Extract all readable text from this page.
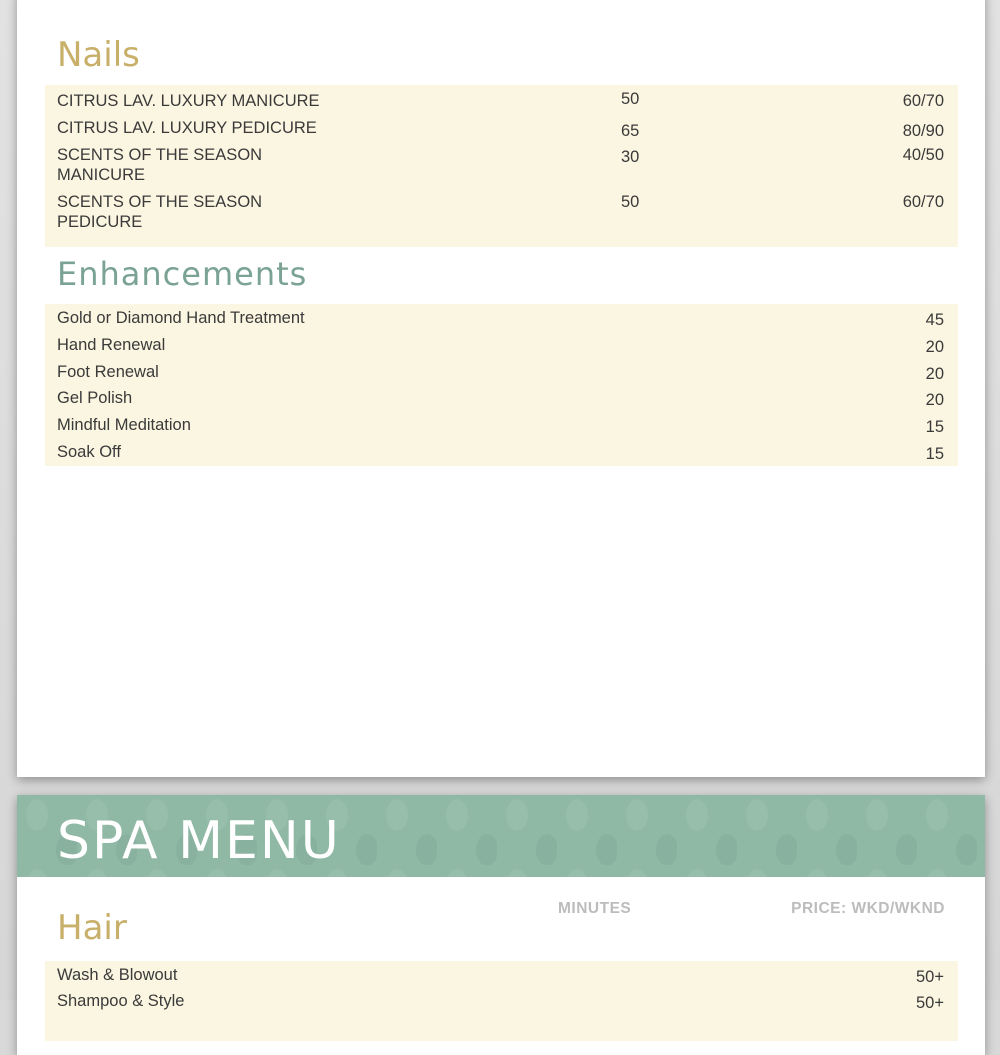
Nails
CITRUS LAV. LUXURY MANICURE	50	60/70
CITRUS LAV. LUXURY PEDICURE	65	80/90
SCENTS OF THE SEASON
MANICURE
30	40/50
SCENTS OF THE SEASON
PEDICURE
50	60/70
Enhancements
Gold or Diamond Hand Treatment	45
Hand Renewal	20
Foot Renewal	20
Gel Polish	20
Mindful Meditation	15
Soak Off	15
SPA MENU
MINUTES	PRICE: WKD/WKND
Hair
Wash & Blowout	50+
Shampoo & Style	50+
